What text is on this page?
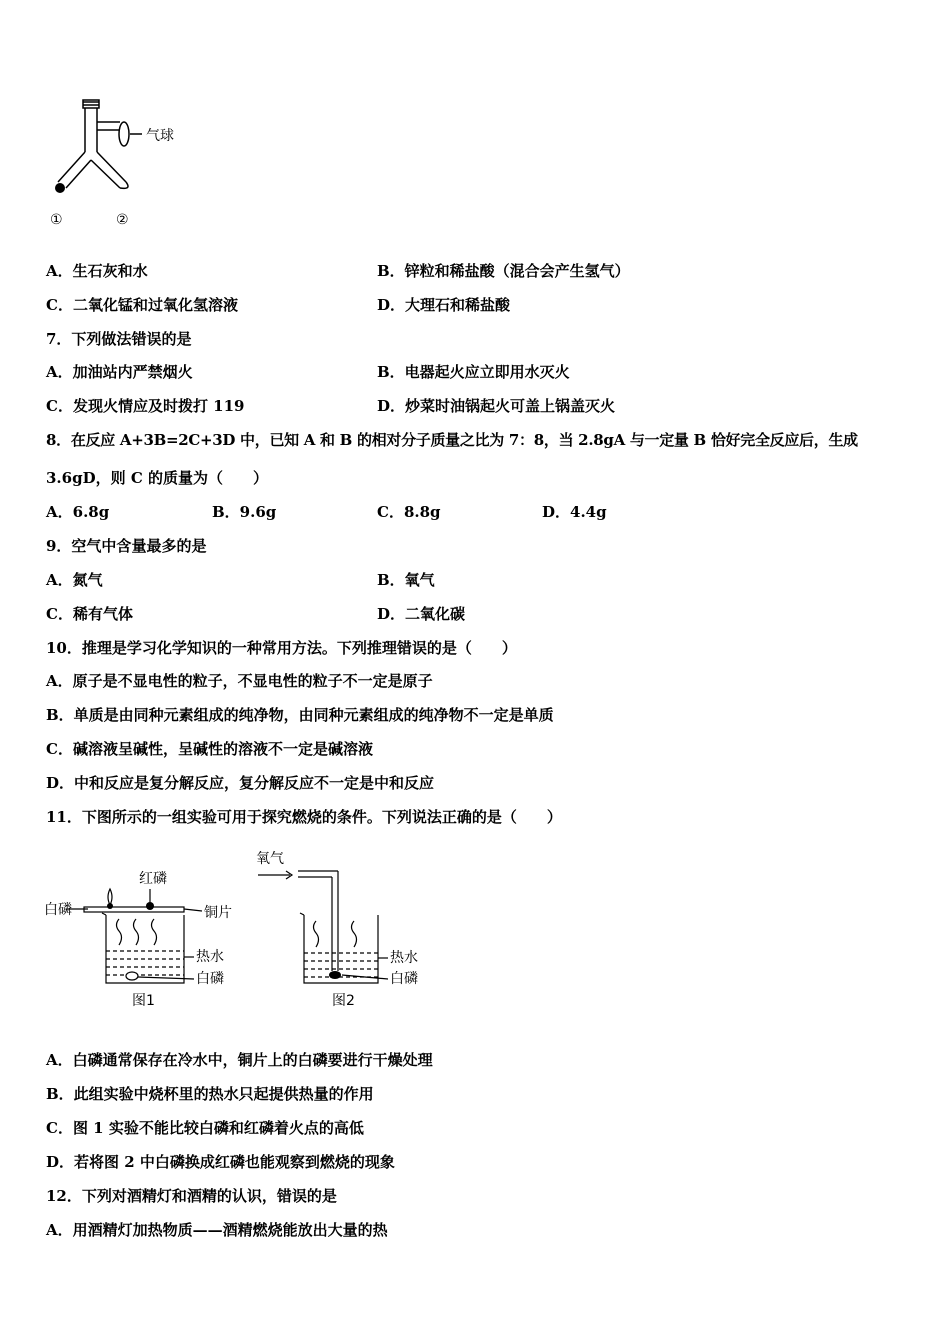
气球
①	②
A．生石灰和水	B．锌粒和稀盐酸（混合会产生氢气）
C．二氧化锰和过氧化氢溶液	D．大理石和稀盐酸
7．下列做法错误的是
A．加油站内严禁烟火	B．电器起火应立即用水灭火
C．发现火情应及时拨打 119	D．炒菜时油锅起火可盖上锅盖灭火
8．在反应 A+3B=2C+3D 中，已知 A 和 B 的相对分子质量之比为 7：8，当 2.8gA 与一定量 B 恰好完全反应后，生成
3.6gD，则 C 的质量为（　　）
A．6.8g	B．9.6g	C．8.8g	D．4.4g
9．空气中含量最多的是
A．氮气	B．氧气
C．稀有气体	D．二氧化碳
10．推理是学习化学知识的一种常用方法。下列推理错误的是（　　）
A．原子是不显电性的粒子，不显电性的粒子不一定是原子
B．单质是由同种元素组成的纯净物，由同种元素组成的纯净物不一定是单质
C．碱溶液呈碱性，呈碱性的溶液不一定是碱溶液
D．中和反应是复分解反应，复分解反应不一定是中和反应
11．下图所示的一组实验可用于探究燃烧的条件。下列说法正确的是（　　）
红磷
白磷	铜片
热水
白磷
图1
氧气
热水
白磷
图2
A．白磷通常保存在冷水中，铜片上的白磷要进行干燥处理
B．此组实验中烧杯里的热水只起提供热量的作用
C．图 1 实验不能比较白磷和红磷着火点的高低
D．若将图 2 中白磷换成红磷也能观察到燃烧的现象
12．下列对酒精灯和酒精的认识，错误的是
A．用酒精灯加热物质——酒精燃烧能放出大量的热
